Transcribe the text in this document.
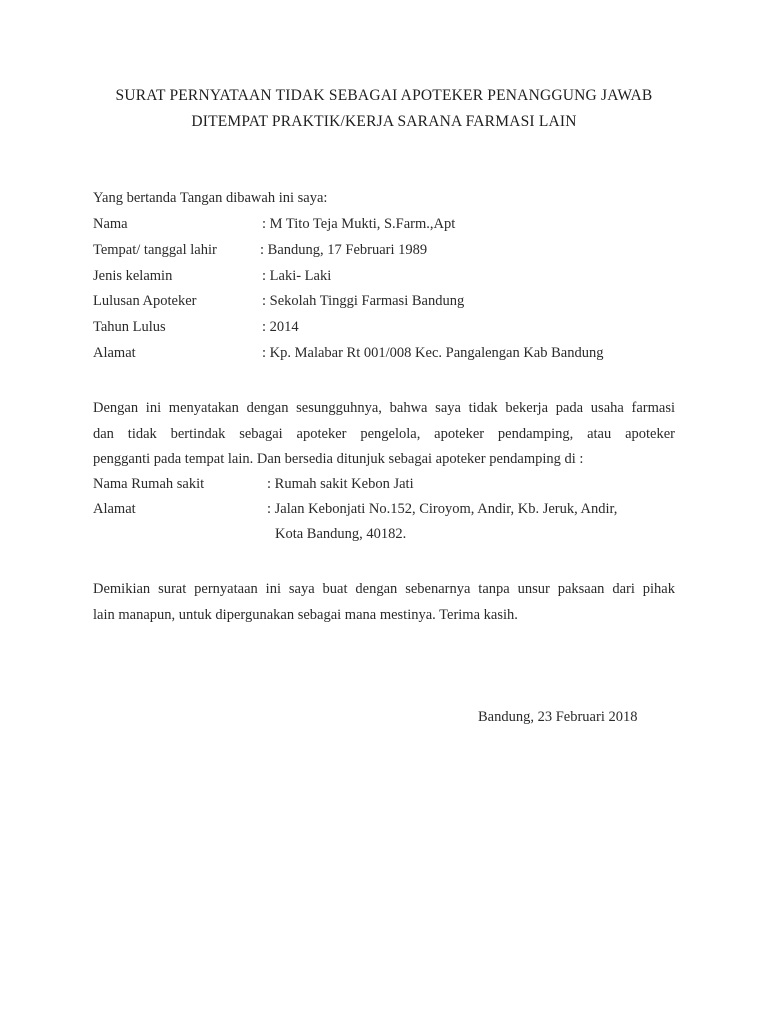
SURAT PERNYATAAN TIDAK SEBAGAI APOTEKER PENANGGUNG JAWAB
DITEMPAT PRAKTIK/KERJA SARANA FARMASI LAIN
Yang bertanda Tangan dibawah ini saya:
Nama	: M Tito Teja Mukti, S.Farm.,Apt
Tempat/ tanggal lahir	: Bandung, 17 Februari 1989
Jenis kelamin	: Laki- Laki
Lulusan Apoteker	: Sekolah Tinggi Farmasi Bandung
Tahun Lulus	: 2014
Alamat	: Kp. Malabar Rt 001/008 Kec. Pangalengan Kab Bandung
Dengan ini menyatakan dengan sesungguhnya, bahwa saya tidak bekerja pada usaha farmasi
dan tidak bertindak sebagai apoteker pengelola, apoteker pendamping, atau apoteker
pengganti pada tempat lain. Dan bersedia ditunjuk sebagai apoteker pendamping di :
Nama Rumah sakit	: Rumah sakit Kebon Jati
Alamat	: Jalan Kebonjati No.152, Ciroyom, Andir, Kb. Jeruk, Andir,
Kota Bandung, 40182.
Demikian surat pernyataan ini saya buat dengan sebenarnya tanpa unsur paksaan dari pihak
lain manapun, untuk dipergunakan sebagai mana mestinya. Terima kasih.
Bandung, 23 Februari 2018
